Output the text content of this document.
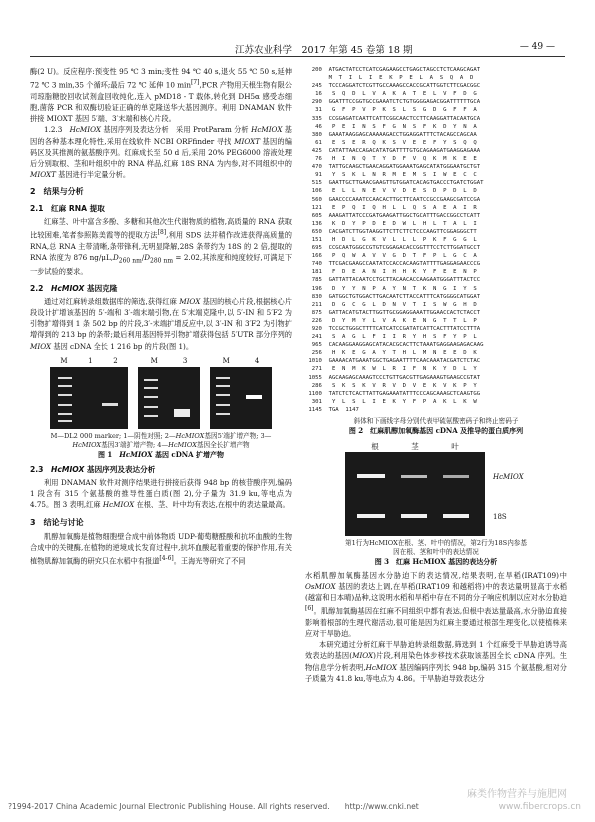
江苏农业科学　2017 年第 45 卷第 18 期	— 49 —

酶(2 U)。反应程序:预变性 95 ℃ 3 min;变性 94 ℃ 40 s,退火 55 ℃ 50 s,延伸 72 ℃ 3 min,35 个循环;最后 72 ℃ 延伸 10 min[7],PCR 产物用天根生物有限公司琼脂糖胶回收试剂盒回收纯化,连入 pMD18 - T 载体,转化到 DH5α 感受态细胞,菌落 PCR 和双酶切验证正确的单克隆送华大基因测序。利用 DNAMAN 软件拼接 MIOXT 基因 5′端、3′末端和核心片段。

1.2.3　HcMIOX 基因序列及表达分析　采用 ProtParam 分析 HcMIOX 基因的各种基本理化特性,采用在线软件 NCBI ORFfinder 寻找 MIOXT 基因的编码区及其推测的氨基酸序列。红麻成长至 50 d 后,采用 20% PEG6000 溶液处理后分别取根、茎和叶组织中的 RNA 样品,红麻 18S RNA 为内参,对不同组织中的 MIOXT 基因进行半定量分析。

2　结果与分析
2.1　红麻 RNA 提取

红麻茎、叶中富含多酚、多糖和其他次生代谢物质的植物,高质量的 RNA 获取比较困难,笔者参照陈美霞等的提取方法[8],利用 SDS 法并稍作改进获得高质量的 RNA,总 RNA 主带清晰,条带锋利,无明显降解,28S 条带约为 18S 的 2 倍,提取的 RNA 浓度为 876 $ng/\mu L,D_{260 nm}/D_{280 nm} = 2.02$,其浓度和纯度较好,可满足下一步试验的要求。

2.2　HcMIOX 基因克隆

通过对红麻转录组数据库的筛选,获得红麻 MIOX 基因的核心片段,根据核心片段设计扩增该基因的 5′-端和 3′-端末端引物,在 5′末端克隆中,以 5′-IN 和 5′F2 为引物扩增得到 1 条 502 bp 的片段,3′-末端扩增反应中,以 3′-IN 和 3′F2 为引物扩增得到的 213 bp 的条带;最后利用基因特异引物扩增获得包括 5′UTR 部分序列的 MIOX 基因 cDNA 全长 1 216 bp 的片段(图 1)。

M	1	2	M	3	M	4
M—DL2 000 marker; 1—阴性对照; 2—HcMIOX基因5′端扩增产物; 3—HcMIOX基因3′端扩增产物; 4—HcMIOX基因全长扩增产物
图 1　HcMIOX 基因 cDNA 扩增产物
2.3　HcMIOX 基因序列及表达分析

利用 DNAMAN 软件对测序结果进行拼接后获得 948 bp 的核苷酸序列,编码 1 段含有 315 个氨基酸的推导性蛋白质(图 2),分子量为 31.9 ku,等电点为 4.75。图 3 表明,红麻 HcMIOX 在根、茎、叶中均有表达,在根中的表达量最高。

3　结论与讨论

肌醇加氧酶是植物细胞壁合成中前体物质 UDP-葡萄糖醛酸和抗坏血酸的生物合成中的关键酶,在植物的逆境成长发育过程中,抗坏血酸起着重要的保护作用,有关植物肌醇加氧酶的研究只在水稻中有报道[4-6]。王海光等研究了不同

200  ATGACTATCCTCATCGAGAAGCCTGAGCTAGCCTCTCAAGCAGAT
M  T  I  L  I  E  K  P  E  L  A  S  Q  A  D
245  TCCCAGGATCTCGTTGCCAAAGCCACCGCATTGGTCTTCGACGGC
16   S  Q  D  L  V  A  K  A  T  E  L  V  F  D  G
290  GGATTTCCGGTGCCGAAATCTCTGTGGGGAGACGGATTTTTTGCA
31   G  F  P  V  P  K  S  L  S  G  D  G  F  F  A
335  CCGGAGATCAATTCATTCGGCAACTCCTTCAAGGATTACAATGCA
46   P  E  I  N  S  F  G  N  S  F  K  D  Y  N  A
380  GAAATAAGGAGCAAAAAGACCTGGAGGATTTCTACAGCCAGCAA
61   E  S  E  R  Q  K  S  V  E  E  F  Y  S  Q  Q
425  CATATTAACCAGACATATGATTTTGTGCAGAAGATGAAGGAGAAA
76   H  I  N  Q  T  Y  D  F  V  Q  K  M  K  E  E
470  TATTGCAAGCTGAACAGGATGGAAATGAGCATATGGGAATGCTGT
91   Y  S  K  L  N  R  M  E  M  S  I  W  E  C  C
515  GAATTGCTTGAACGAAGTTGTGGATCACAGTGACCCTGATCTGGAT
106   E  L  L  N  E  V  V  D  E  S  D  P  D  L  D
560  GAACCCCAAATCCAACACTTGCTTCAATCCGCCGAAGCGATCCGA
121   E  P  Q  I  Q  H  L  L  Q  S  A  E  A  I  R
605  AAAGATTATCCCGATGAAGATTGGCTGCATTTGACCGGCCTCATT
136   K  D  Y  P  D  E  D  W  L  H  L  T  A  L  I
650  CACGATCTTGGTAAGGTTCTTCTTCTCCCAAGTTCGGAGGGCTT
151   H  D  L  G  K  V  L  L  L  P  K  F  G  G  L
695  CCGCAATGGGCCGTGTCGGAGACACCGGTTTCCTCTTGGATGCCT
166   P  Q  W  A  V  V  G  D  T  F  P  L  G  C  A
740  TTCGACGAAGCCAATATCCACCACAAGTATTTTGAGGAGAACCCG
181   F  D  E  A  N  I  H  H  K  Y  F  E  E  N  P
785  GATTATTACAATCCTGCTTACAACACCAAGAATGGGATTTACTCC
196   D  Y  Y  N  P  A  Y  N  T  K  N  G  I  Y  S
830  GATGGCTGTGGACTTGACAATCTTACCATTTCATGGGGCATGGAT
211   D  G  C  G  L  D  N  V  T  I  S  W  G  H  D
875  GATTACATGTACTTGGTTGCGGAGGAAATTGGAACCACTCTACCT
226   D  Y  M  Y  L  V  A  K  E  N  G  T  T  L  P
920  TCCGCTGGGCTTTTCATCATCCGATATCATTCACTTTATCCTTTA
241   S  A  G  L  F  I  I  R  Y  H  S  F  Y  P  L
965  CACAAGGAAGGAGCATACACGCACTTCTAAATGAGGAAGAGACAAG
256   H  K  E  G  A  Y  T  H  L  M  N  E  E  D  K
1010  GAAAACATGAAATGGCTGAGAATTTTCAACAAATACGATCTCTAC
271   E  N  M  K  W  L  R  I  F  N  K  Y  D  L  Y
1055  AGCAAGAGCAAAGTCCCTGTTGACGTTGAGAAAGTGAAGCCGTAT
286   S  K  S  K  V  R  V  D  V  E  K  V  K  P  Y
1100  TATCTCTCACTTATTGAGAAATATTTCCCAGCAAAGCTCAAGTGG
301   Y  L  S  L  I  E  K  Y  F  P  A  K  L  K  W
1145  TGA  1147
斜体和下画线字母分别代表甲硫氨酸密码子和终止密码子
图 2　红麻肌醇加氧酶基因 cDNA 及推导的蛋白质序列
根	茎	叶
HcMIOX
18S
第1行为HcMIOX在根、茎、叶中的情况，第2行为18S内参基因在根、茎和叶中的表达情况
图 3　红麻 HcMIOX 基因的表达分析

水稻肌醇加氧酶基因水分胁迫下的表达情况,结果表明,在旱稻(IRAT109)中 OsMIOX 基因的表达上调,在旱稻(IRAT109 和越稻将)中的表达量明显高于水稻(越富和日本晴)品种,这说明水稻和旱稻中存在不同的分子响应机制以应对水分胁迫[6]。肌醇加氧酶基因在红麻不同组织中都有表达,但根中表达量最高,水分胁迫直接影响着根部的生理代谢活动,很可能是因为红麻主要通过根部生理变化,以使植株来应对干旱胁迫。

本研究通过分析红麻干旱胁迫转录组数据,筛选到 1 个红麻受干旱胁迫诱导高效表达的基因(MIOX)片段,利用染色体步移技术获取该基因全长 cDNA 序列。生物信息学分析表明,HcMIOX 基因编码序列长 948 bp,编码 315 个氨基酸,相对分子质量为 41.8 ku,等电点为 4.86。干旱胁迫导致表达分

?1994-2017 China Academic Journal Electronic Publishing House. All rights reserved.　　http://www.cnki.net
麻类作物营养与施肥网
www.fibercrops.cn
